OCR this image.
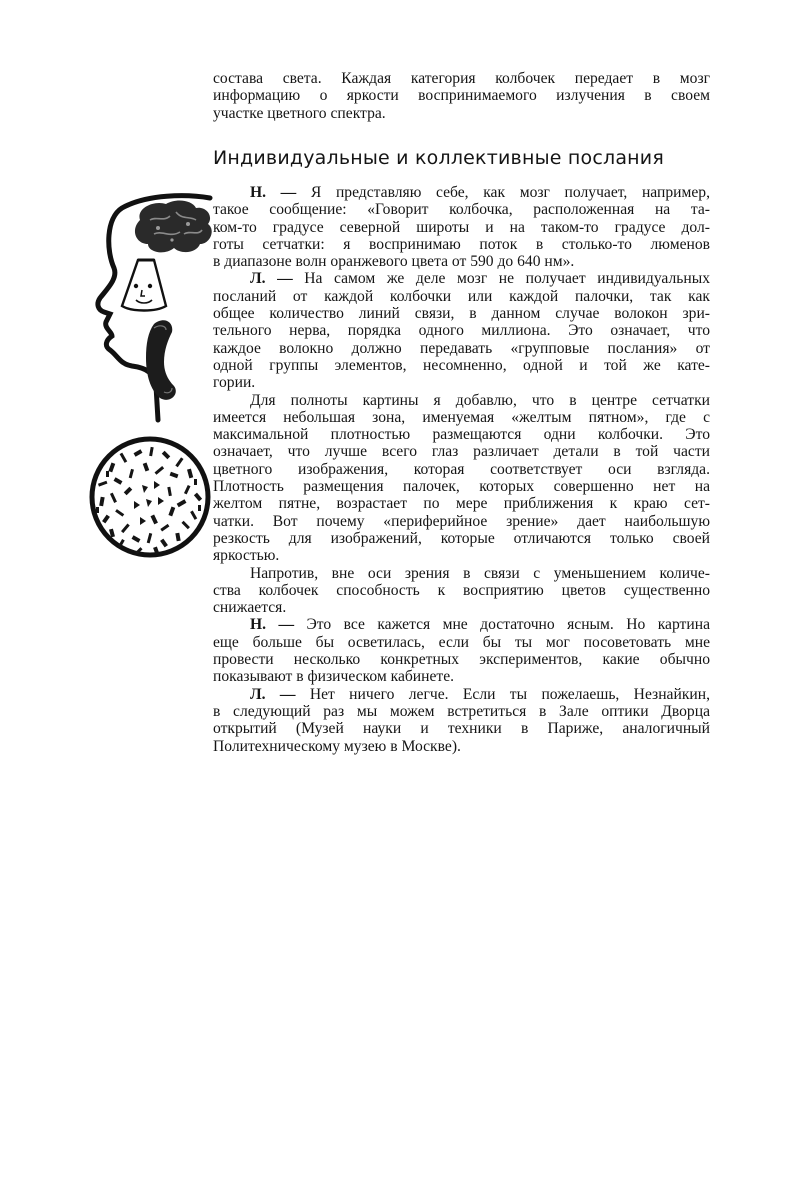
состава света. Каждая категория колбочек передает в мозг
информацию о яркости воспринимаемого излучения в своем
участке цветного спектра.
Индивидуальные и коллективные послания
Н. — Я представляю себе, как мозг получает, например,
такое сообщение: «Говорит колбочка, расположенная на та-
ком-то градусе северной широты и на таком-то градусе дол-
готы сетчатки: я воспринимаю поток в столько-то люменов
в диапазоне волн оранжевого цвета от 590 до 640 нм».
Л. — На самом же деле мозг не получает индивидуальных
посланий от каждой колбочки или каждой палочки, так как
общее количество линий связи, в данном случае волокон зри-
тельного нерва, порядка одного миллиона. Это означает, что
каждое волокно должно передавать «групповые послания» от
одной группы элементов, несомненно, одной и той же кате-
гории.
Для полноты картины я добавлю, что в центре сетчатки
имеется небольшая зона, именуемая «желтым пятном», где с
максимальной плотностью размещаются одни колбочки. Это
означает, что лучше всего глаз различает детали в той части
цветного изображения, которая соответствует оси взгляда.
Плотность размещения палочек, которых совершенно нет на
желтом пятне, возрастает по мере приближения к краю сет-
чатки. Вот почему «периферийное зрение» дает наибольшую
резкость для изображений, которые отличаются только своей
яркостью.
Напротив, вне оси зрения в связи с уменьшением количе-
ства колбочек способность к восприятию цветов существенно
снижается.
Н. — Это все кажется мне достаточно ясным. Но картина
еще больше бы осветилась, если бы ты мог посоветовать мне
провести несколько конкретных экспериментов, какие обычно
показывают в физическом кабинете.
Л. — Нет ничего легче. Если ты пожелаешь, Незнайкин,
в следующий раз мы можем встретиться в Зале оптики Дворца
открытий (Музей науки и техники в Париже, аналогичный
Политехническому музею в Москве).
